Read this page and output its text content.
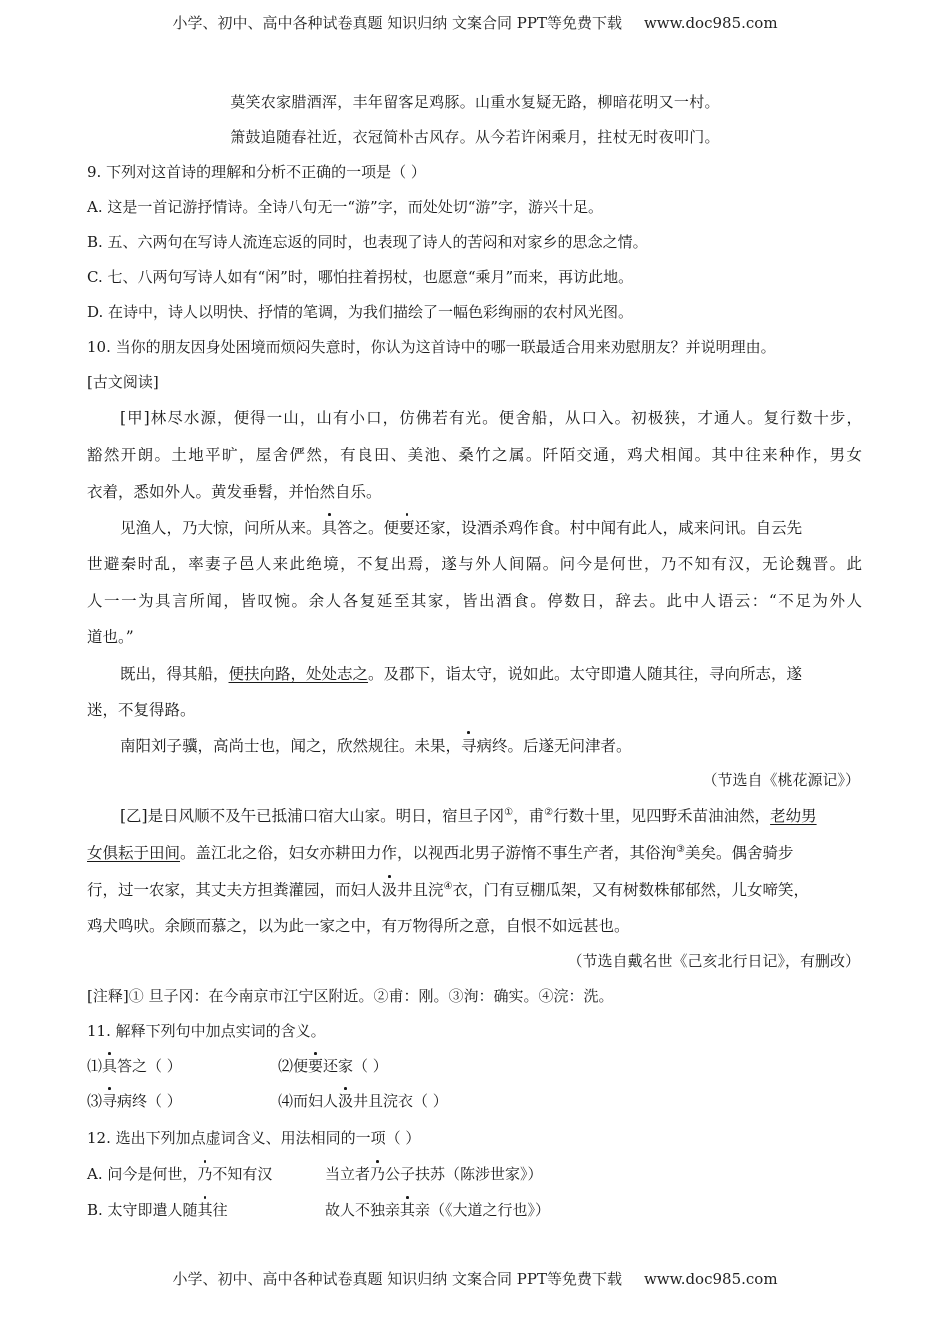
小学、初中、高中各种试卷真题 知识归纳 文案合同 PPT等免费下载 www.doc985.com
莫笑农家腊酒浑，丰年留客足鸡豚。山重水复疑无路，柳暗花明又一村。
箫鼓追随春社近，衣冠简朴古风存。从今若许闲乘月，拄杖无时夜叩门。
9. 下列对这首诗的理解和分析不正确的一项是（ ）
A. 这是一首记游抒情诗。全诗八句无一“游”字，而处处切“游”字，游兴十足。
B. 五、六两句在写诗人流连忘返的同时，也表现了诗人的苦闷和对家乡的思念之情。
C. 七、八两句写诗人如有“闲”时，哪怕拄着拐杖，也愿意“乘月”而来，再访此地。
D. 在诗中，诗人以明快、抒情的笔调，为我们描绘了一幅色彩绚丽的农村风光图。
10. 当你的朋友因身处困境而烦闷失意时，你认为这首诗中的哪一联最适合用来劝慰朋友？并说明理由。
[古文阅读]
[甲]林尽水源，便得一山，山有小口，仿佛若有光。便舍船，从口入。初极狭，才通人。复行数十步，
豁然开朗。土地平旷，屋舍俨然，有良田、美池、桑竹之属。阡陌交通，鸡犬相闻。其中往来种作，男女
衣着，悉如外人。黄发垂髫，并怡然自乐。
见渔人，乃大惊，问所从来。具答之。便要还家，设酒杀鸡作食。村中闻有此人，咸来问讯。自云先
世避秦时乱，率妻子邑人来此绝境，不复出焉，遂与外人间隔。问今是何世，乃不知有汉，无论魏晋。此
人一一为具言所闻，皆叹惋。余人各复延至其家，皆出酒食。停数日，辞去。此中人语云：“不足为外人
道也。”
既出，得其船，便扶向路，处处志之。及郡下，诣太守，说如此。太守即遣人随其往，寻向所志，遂
迷，不复得路。
南阳刘子骥，高尚士也，闻之，欣然规往。未果，寻病终。后遂无问津者。
（节选自《桃花源记》）
[乙]是日风顺不及午已抵浦口宿大山家。明日，宿旦子冈①，甫②行数十里，见四野禾苗油油然，老幼男
女俱耘于田间。盖江北之俗，妇女亦耕田力作，以视西北男子游惰不事生产者，其俗洵③美矣。偶舍骑步
行，过一农家，其丈夫方担粪灌园，而妇人汲井且浣④衣，门有豆棚瓜架，又有树数株郁郁然，儿女啼笑，
鸡犬鸣吠。余顾而慕之，以为此一家之中，有万物得所之意，自恨不如远甚也。
（节选自戴名世《己亥北行日记》，有删改）
[注释]① 旦子冈：在今南京市江宁区附近。②甫：刚。③洵：确实。④浣：洗。
11. 解释下列句中加点实词的含义。
⑴具答之（ ）	⑵便要还家（ ）
⑶寻病终（ ）	⑷而妇人汲井且浣衣（ ）
12. 选出下列加点虚词含义、用法相同的一项（ ）
A. 问今是何世，乃不知有汉	当立者乃公子扶苏（陈涉世家》）
B. 太守即遣人随其往	故人不独亲其亲（《大道之行也》）
小学、初中、高中各种试卷真题 知识归纳 文案合同 PPT等免费下载 www.doc985.com
